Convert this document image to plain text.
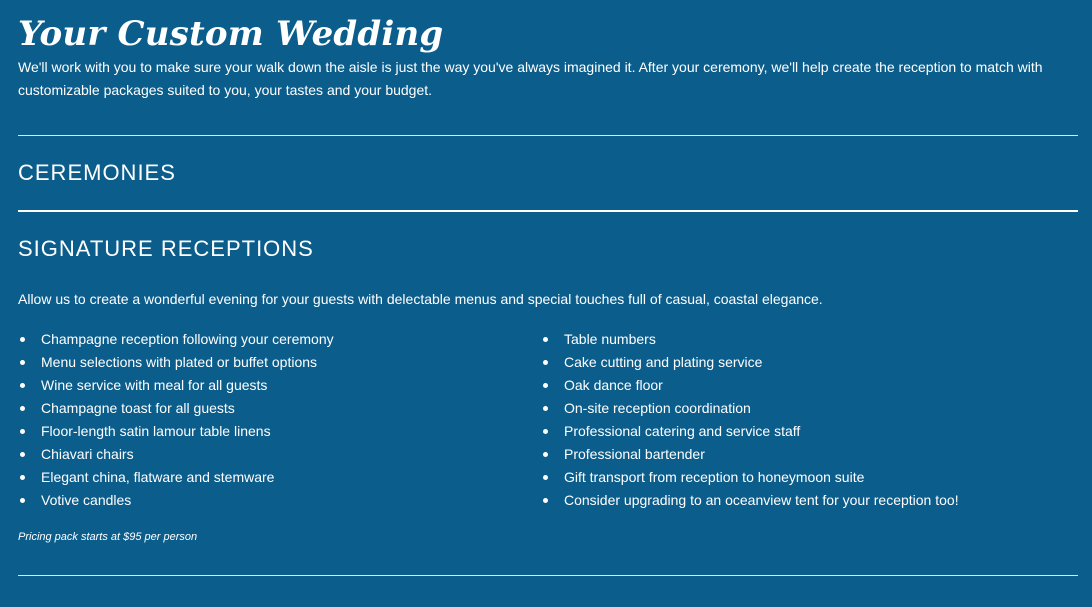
Your Custom Wedding

We'll work with you to make sure your walk down the aisle is just the way you've always imagined it. After your ceremony, we'll help create the reception to match with customizable packages suited to you, your tastes and your budget.

CEREMONIES
SIGNATURE RECEPTIONS

Allow us to create a wonderful evening for your guests with delectable menus and special touches full of casual, coastal elegance.

Champagne reception following your ceremony
Menu selections with plated or buffet options
Wine service with meal for all guests
Champagne toast for all guests
Floor-length satin lamour table linens
Chiavari chairs
Elegant china, flatware and stemware
Votive candles
Table numbers
Cake cutting and plating service
Oak dance floor
On-site reception coordination
Professional catering and service staff
Professional bartender
Gift transport from reception to honeymoon suite
Consider upgrading to an oceanview tent for your reception too!

Pricing pack starts at $95 per person
